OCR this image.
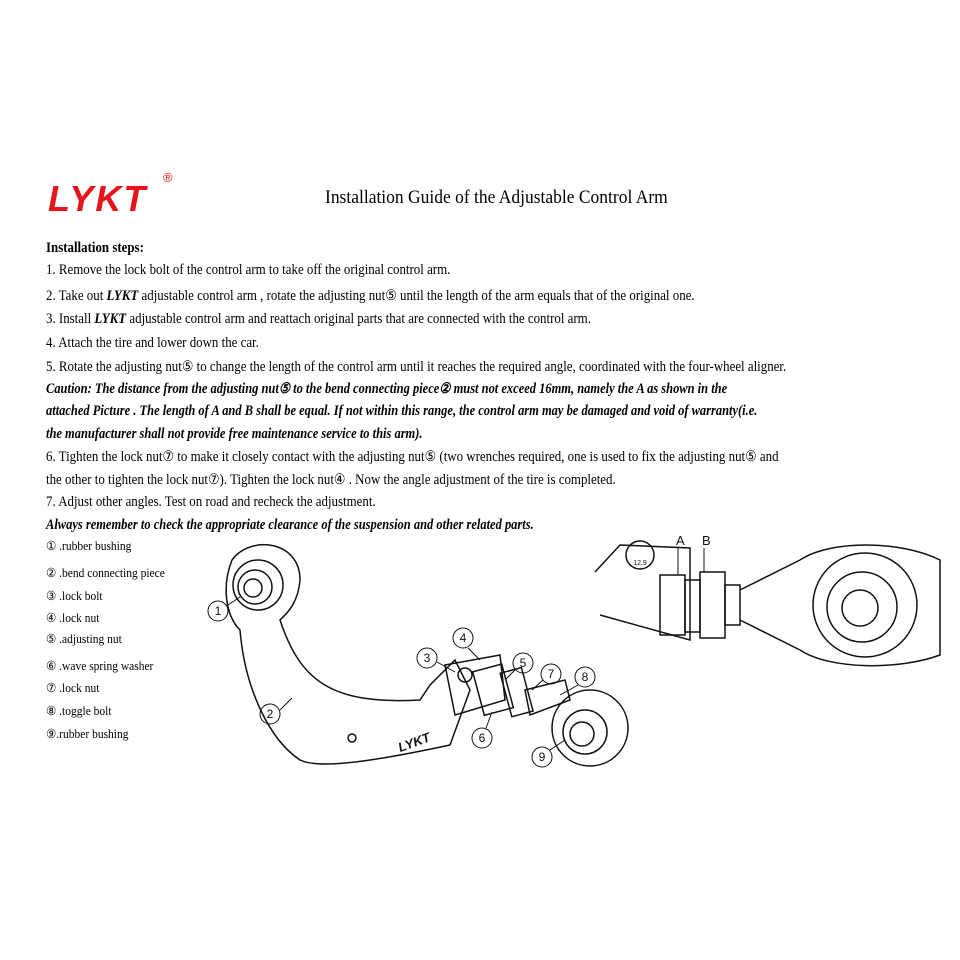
LYKT
®
Installation Guide of the Adjustable Control Arm
Installation steps:
1. Remove the lock bolt of the control arm to take off the original control arm.
2. Take out LYKT adjustable control arm , rotate the adjusting nut⑤ until the length of the arm equals that of the original one.
3. Install LYKT adjustable control arm and reattach original parts that are connected with the control arm.
4. Attach the tire and lower down the car.
5. Rotate the adjusting nut⑤ to change the length of the control arm until it reaches the required angle, coordinated with the four-wheel aligner.
Caution: The distance from the adjusting nut⑤ to the bend connecting piece② must not exceed 16mm, namely the A as shown in the
attached Picture . The length of A and B shall be equal. If not within this range, the control arm may be damaged and void of warranty(i.e.
the manufacturer shall not provide free maintenance service to this arm).
6. Tighten the lock nut⑦ to make it closely contact with the adjusting nut⑤ (two wrenches required, one is used to fix the adjusting nut⑤ and
the other to tighten the lock nut⑦). Tighten the lock nut④ . Now the angle adjustment of the tire is completed.
7. Adjust other angles. Test on road and recheck the adjustment.
Always remember to check the appropriate clearance of the suspension and other related parts.
① .rubber bushing
② .bend connecting piece
③ .lock bolt
④ .lock nut
⑤ .adjusting nut
⑥ .wave spring washer
⑦ .lock nut
⑧ .toggle bolt
⑨.rubber bushing	LYKT
1
2
3
4
5
6
7 8
9
12.9
A B
